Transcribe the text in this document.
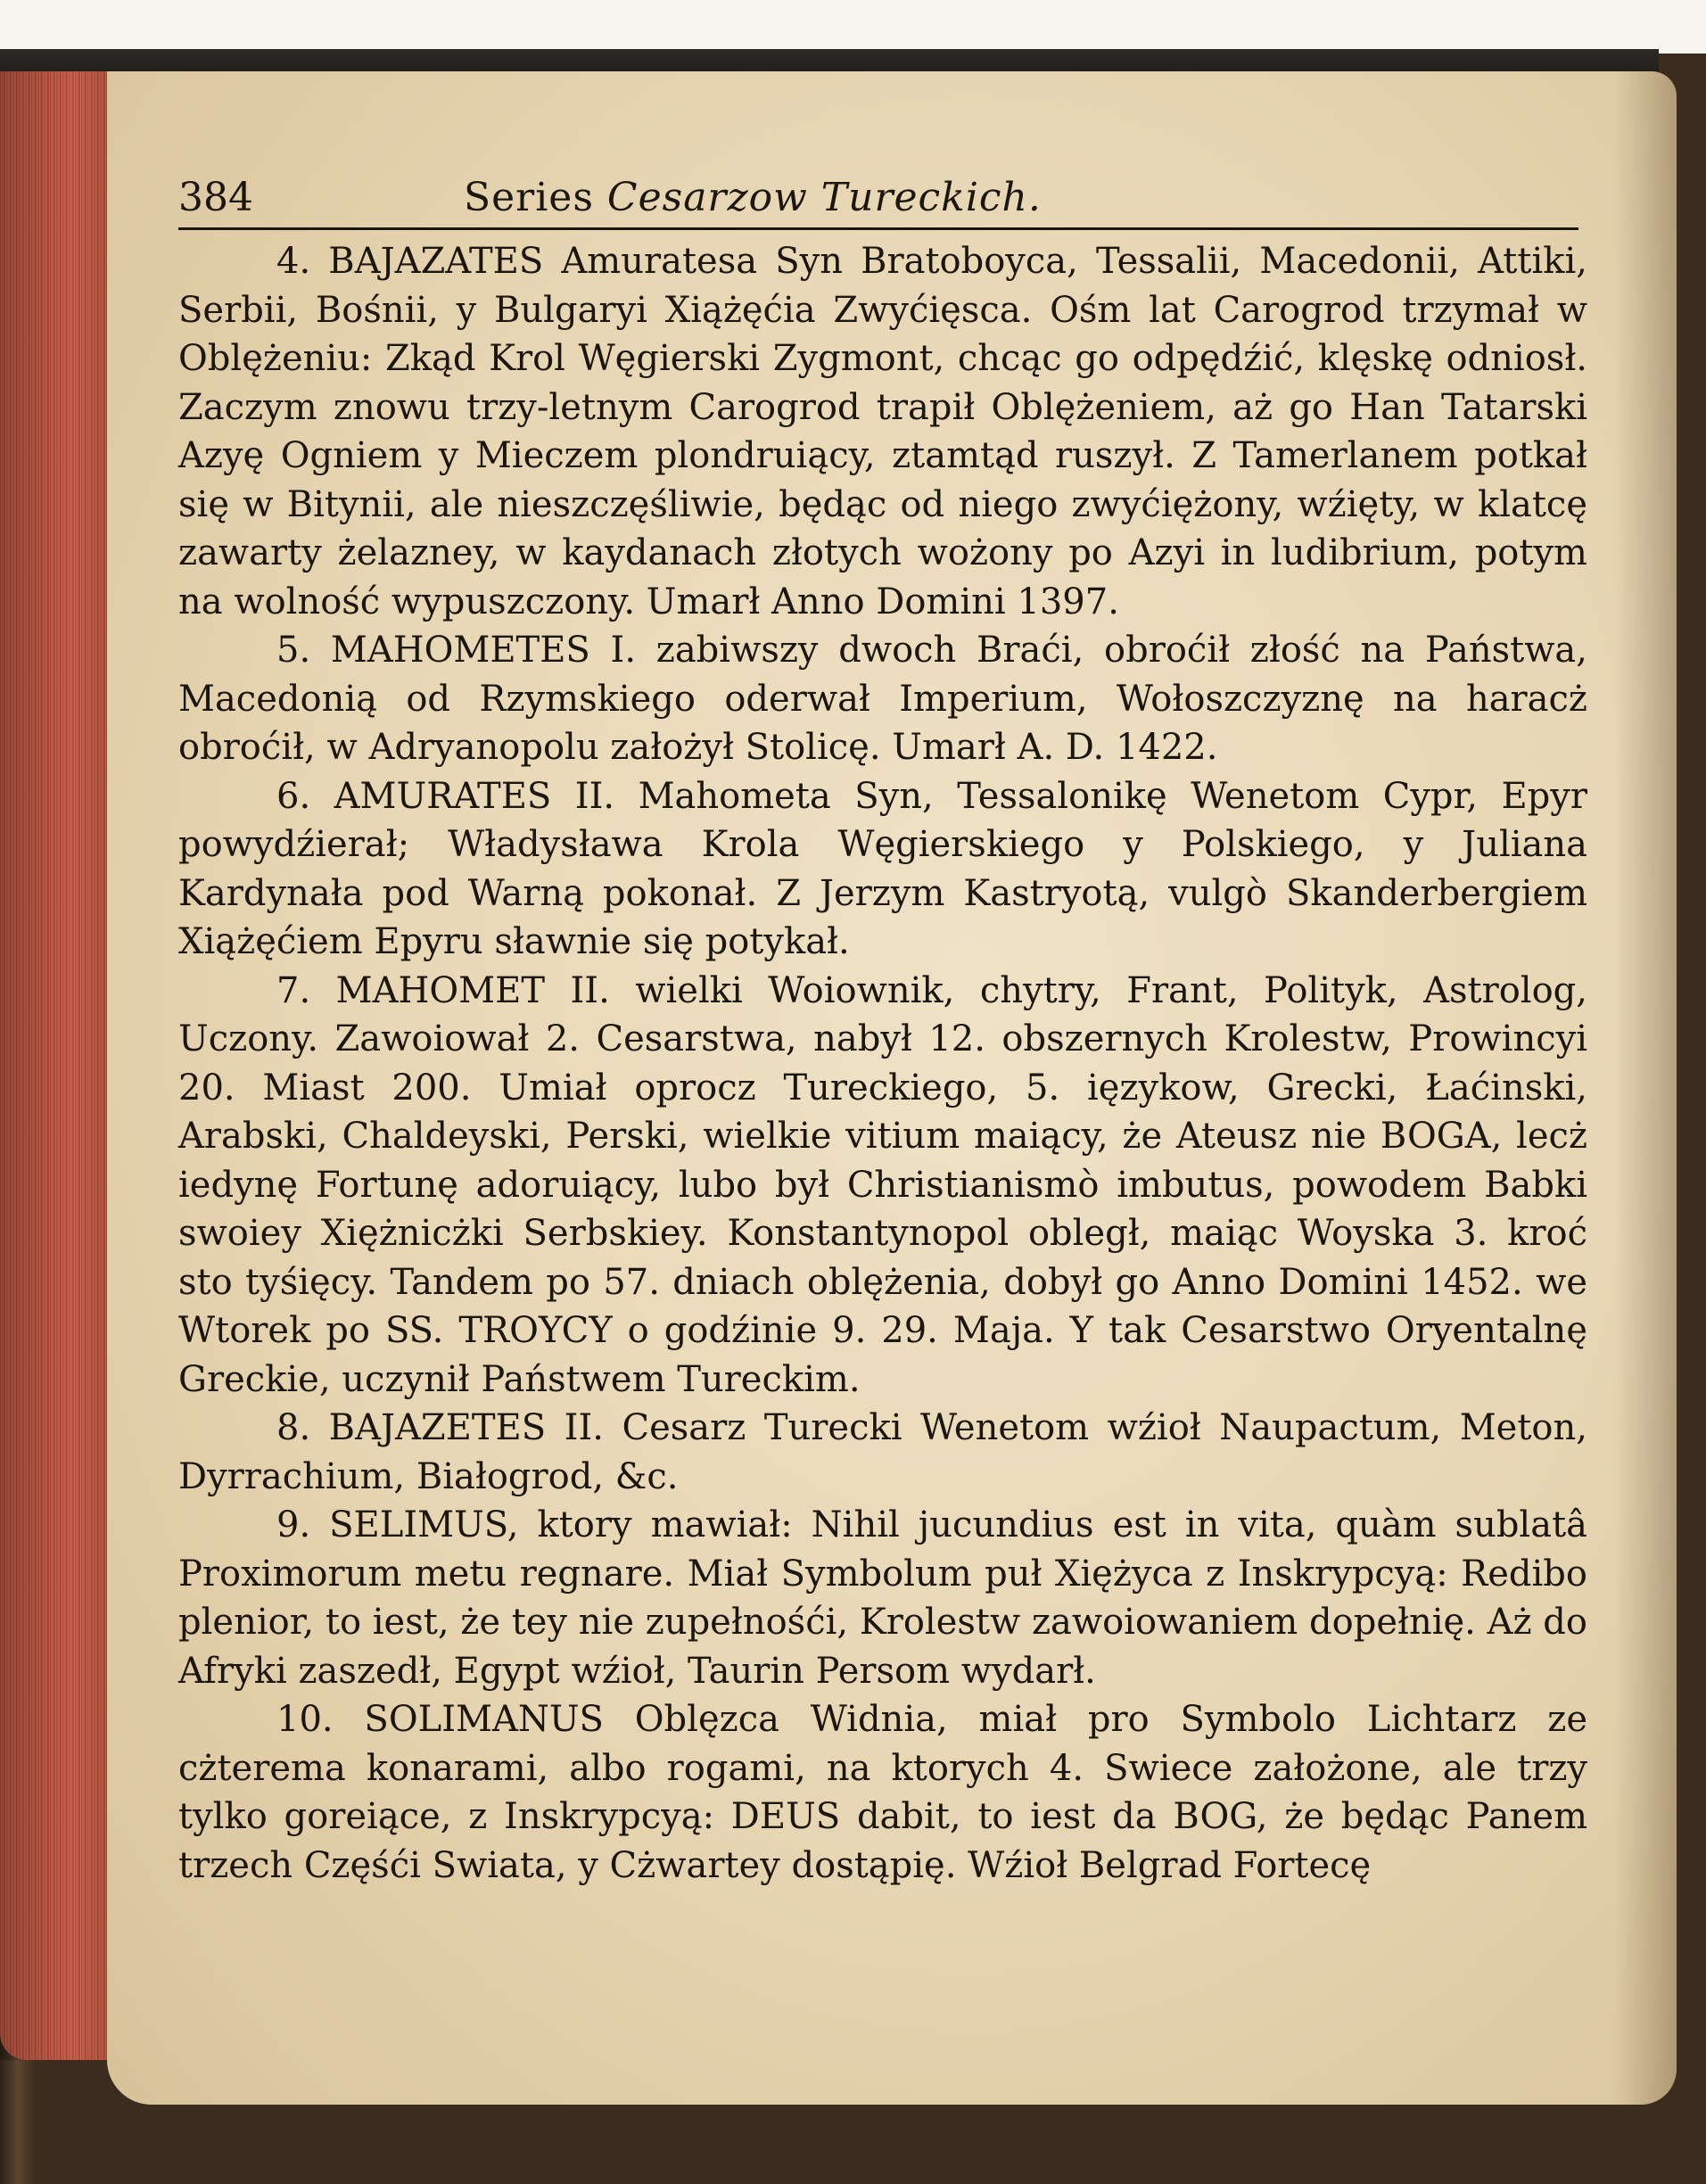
384	Series Cesarzow Tureckich.

4. BAJAZATES Amuratesa Syn Bratoboyca, Tessalii, Macedonii, Attiki, Serbii, Bośnii, y Bulgaryi Xiążęćia Zwyćięsca. Ośm lat Carogrod trzymał w Oblężeniu: Zkąd Krol Węgierski Zygmont, chcąc go odpędźić, klęskę odniosł. Zaczym znowu trzy-letnym Carogrod trapił Oblężeniem, aż go Han Tatarski Azyę Ogniem y Mieczem plondruiący, ztamtąd ruszył. Z Tamerlanem potkał się w Bitynii, ale nieszczęśliwie, będąc od niego zwyćiężony, wźięty, w klatcę zawarty żelazney, w kaydanach złotych wożony po Azyi in ludibrium, potym na wolność wypuszczony. Umarł Anno Domini 1397.

5. MAHOMETES I. zabiwszy dwoch Braći, obroćił złość na Państwa, Macedonią od Rzymskiego oderwał Imperium, Wołoszczyznę na haracż obroćił, w Adryanopolu założył Stolicę. Umarł A. D. 1422.

6. AMURATES II. Mahometa Syn, Tessalonikę Wenetom Cypr, Epyr powydźierał; Władysława Krola Węgierskiego y Polskiego, y Juliana Kardynała pod Warną pokonał. Z Jerzym Kastryotą, vulgò Skanderbergiem Xiążęćiem Epyru sławnie się potykał.

7. MAHOMET II. wielki Woiownik, chytry, Frant, Polityk, Astrolog, Uczony. Zawoiował 2. Cesarstwa, nabył 12. obszernych Krolestw, Prowincyi 20. Miast 200. Umiał oprocz Tureckiego, 5. ięzykow, Grecki, Łaćinski, Arabski, Chaldeyski, Perski, wielkie vitium maiący, że Ateusz nie BOGA, lecż iedynę Fortunę adoruiący, lubo był Christianismò imbutus, powodem Babki swoiey Xiężnicżki Serbskiey. Konstantynopol obległ, maiąc Woyska 3. kroć sto tyśięcy. Tandem po 57. dniach oblężenia, dobył go Anno Domini 1452. we Wtorek po SS. TROYCY o godźinie 9. 29. Maja. Y tak Cesarstwo Oryentalnę Greckie, uczynił Państwem Tureckim.

8. BAJAZETES II. Cesarz Turecki Wenetom wźioł Naupactum, Meton, Dyrrachium, Białogrod, &c.

9. SELIMUS, ktory mawiał: Nihil jucundius est in vita, quàm sublatâ Proximorum metu regnare. Miał Symbolum puł Xiężyca z Inskrypcyą: Redibo plenior, to iest, że tey nie zupełnośći, Krolestw zawoiowaniem dopełnię. Aż do Afryki zaszedł, Egypt wźioł, Taurin Persom wydarł.

10. SOLIMANUS Oblęzca Widnia, miał pro Symbolo Lichtarz ze cżterema konarami, albo rogami, na ktorych 4. Swiece założone, ale trzy tylko goreiące, z Inskrypcyą: DEUS dabit, to iest da BOG, że będąc Panem trzech Częśći Swiata, y Cżwartey dostąpię. Wźioł Belgrad Fortecę
